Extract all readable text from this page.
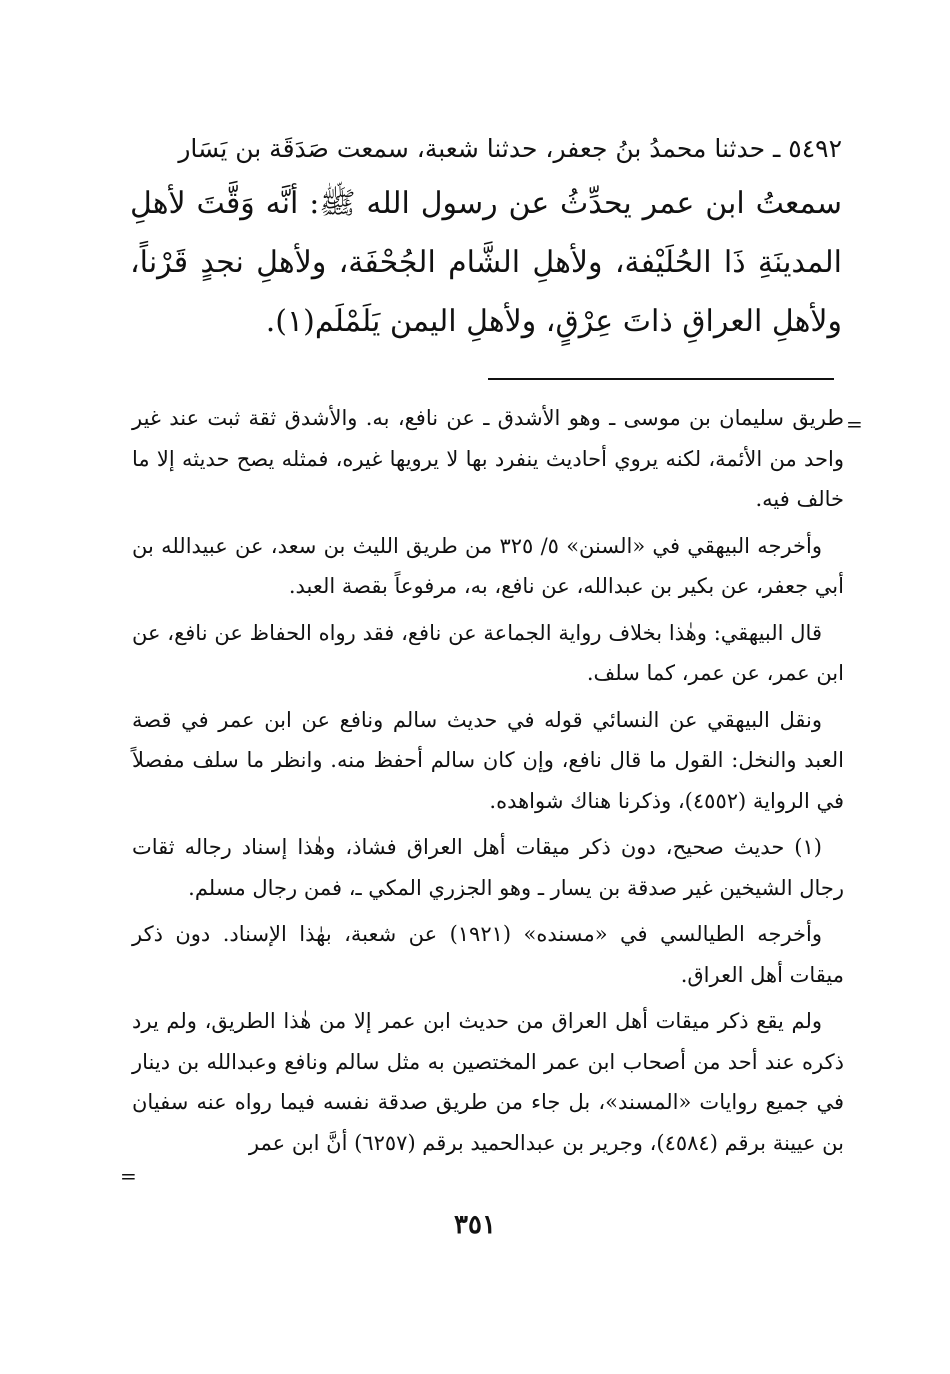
٥٤٩٢ ـ حدثنا محمدُ بنُ جعفر، حدثنا شعبة، سمعت صَدَقَة بن يَسَار

سمعتُ ابن عمر يحدِّثُ عن رسول الله ﷺ: أنَّه وَقَّتَ لأهلِ المدينَةِ ذَا الحُلَيْفة، ولأهلِ الشَّام الجُحْفَة، ولأهلِ نجدٍ قَرْناً، ولأهلِ العراقِ ذاتَ عِرْقٍ، ولأهلِ اليمن يَلَمْلَم(١).

=

طريق سليمان بن موسى ـ وهو الأشدق ـ عن نافع، به. والأشدق ثقة ثبت عند غير واحد من الأئمة، لكنه يروي أحاديث ينفرد بها لا يرويها غيره، فمثله يصح حديثه إلا ما خالف فيه.

وأخرجه البيهقي في «السنن» ٥/ ٣٢٥ من طريق الليث بن سعد، عن عبيدالله بن أبي جعفر، عن بكير بن عبدالله، عن نافع، به، مرفوعاً بقصة العبد.

قال البيهقي: وهٰذا بخلاف رواية الجماعة عن نافع، فقد رواه الحفاظ عن نافع، عن ابن عمر، عن عمر، كما سلف.

ونقل البيهقي عن النسائي قوله في حديث سالم ونافع عن ابن عمر في قصة العبد والنخل: القول ما قال نافع، وإن كان سالم أحفظ منه. وانظر ما سلف مفصلاً في الرواية (٤٥٥٢)، وذكرنا هناك شواهده.

(١) حديث صحيح، دون ذكر ميقات أهل العراق فشاذ، وهٰذا إسناد رجاله ثقات رجال الشيخين غير صدقة بن يسار ـ وهو الجزري المكي ـ، فمن رجال مسلم.

وأخرجه الطيالسي في «مسنده» (١٩٢١) عن شعبة، بهٰذا الإسناد. دون ذكر ميقات أهل العراق.

ولم يقع ذكر ميقات أهل العراق من حديث ابن عمر إلا من هٰذا الطريق، ولم يرد ذكره عند أحد من أصحاب ابن عمر المختصين به مثل سالم ونافع وعبدالله بن دينار في جميع روايات «المسند»، بل جاء من طريق صدقة نفسه فيما رواه عنه سفيان بن عيينة برقم (٤٥٨٤)، وجرير بن عبدالحميد برقم (٦٢٥٧) أنَّ ابن عمر

=
٣٥١
